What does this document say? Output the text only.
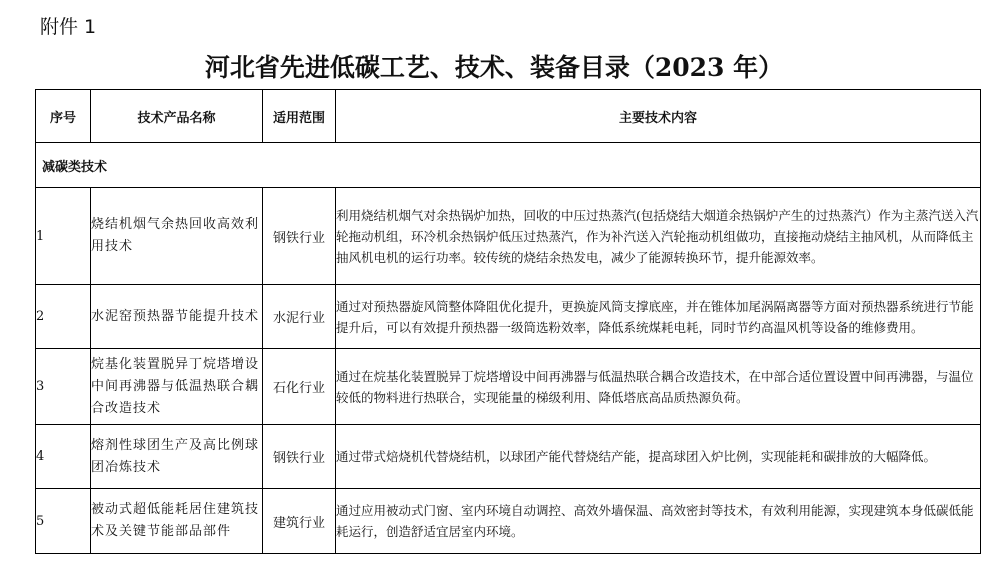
附件 1
河北省先进低碳工艺、技术、装备目录（2023 年）
序号	技术产品名称	适用范围	主要技术内容
减碳类技术			
1	烧结机烟气余热回收高效利用技术	钢铁行业	利用烧结机烟气对余热锅炉加热，回收的中压过热蒸汽(包括烧结大烟道余热锅炉产生的过热蒸汽）作为主蒸汽送入汽轮拖动机组，环冷机余热锅炉低压过热蒸汽，作为补汽送入汽轮拖动机组做功，直接拖动烧结主抽风机，从而降低主抽风机电机的运行功率。较传统的烧结余热发电，减少了能源转换环节，提升能源效率。
2	水泥窑预热器节能提升技术	水泥行业	通过对预热器旋风筒整体降阻优化提升，更换旋风筒支撑底座，并在锥体加尾涡隔离器等方面对预热器系统进行节能提升后，可以有效提升预热器一级筒选粉效率，降低系统煤耗电耗，同时节约高温风机等设备的维修费用。
3	烷基化装置脱异丁烷塔增设中间再沸器与低温热联合耦合改造技术	石化行业	通过在烷基化装置脱异丁烷塔增设中间再沸器与低温热联合耦合改造技术，在中部合适位置设置中间再沸器，与温位较低的物料进行热联合，实现能量的梯级利用、降低塔底高品质热源负荷。
4	熔剂性球团生产及高比例球团冶炼技术	钢铁行业	通过带式焙烧机代替烧结机，以球团产能代替烧结产能，提高球团入炉比例，实现能耗和碳排放的大幅降低。
5	被动式超低能耗居住建筑技术及关键节能部品部件	建筑行业	通过应用被动式门窗、室内环境自动调控、高效外墙保温、高效密封等技术，有效利用能源，实现建筑本身低碳低能耗运行，创造舒适宜居室内环境。
